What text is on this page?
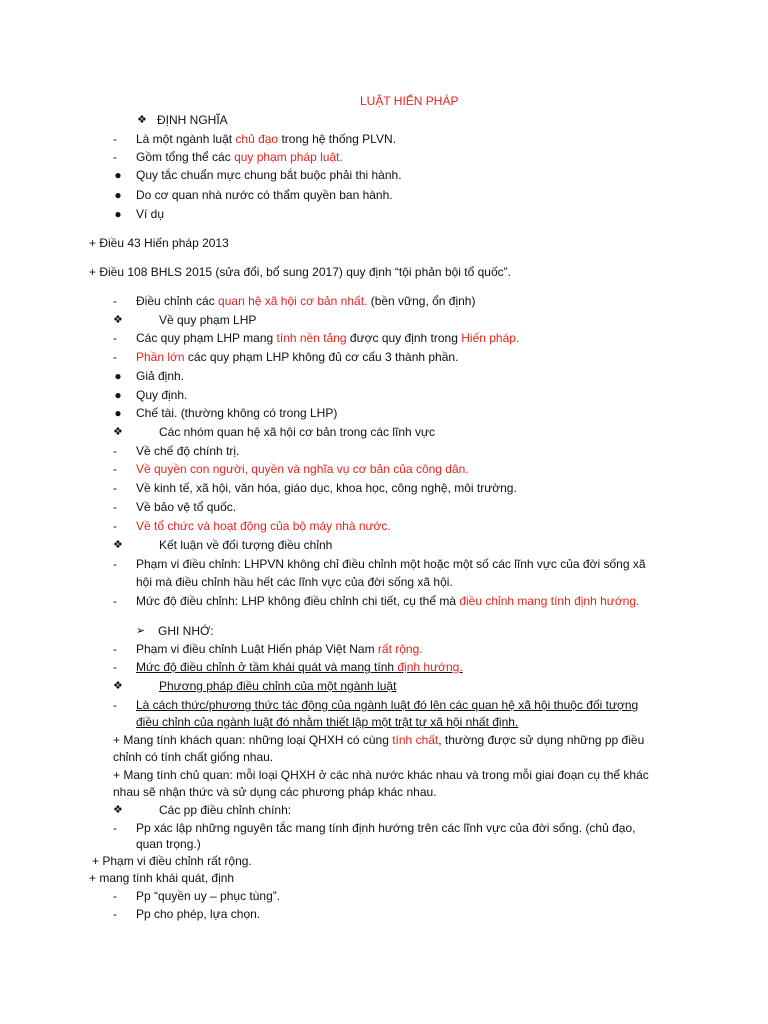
LUẬT HIẾN PHÁP
❖ ĐỊNH NGHĨA
- Là một ngành luật chủ đạo trong hệ thống PLVN.
- Gồm tổng thể các quy phạm pháp luật.
● Quy tắc chuẩn mực chung bắt buộc phải thi hành.
● Do cơ quan nhà nước có thẩm quyền ban hành.
● Ví dụ
+ Điều 43 Hiến pháp 2013
+ Điều 108 BHLS 2015 (sửa đổi, bổ sung 2017) quy định “tội phản bội tổ quốc”.
- Điều chỉnh các quan hệ xã hội cơ bản nhất. (bền vững, ổn định)
❖	Về quy phạm LHP
- Các quy phạm LHP mang tính nền tảng được quy định trong Hiến pháp.
- Phần lớn các quy phạm LHP không đủ cơ cấu 3 thành phần.
● Giả định.
● Quy định.
● Chế tài. (thường không có trong LHP)
❖	Các nhóm quan hệ xã hội cơ bản trong các lĩnh vực
- Về chế độ chính trị.
- Về quyền con người, quyền và nghĩa vụ cơ bản của công dân.
- Về kinh tế, xã hội, văn hóa, giáo dục, khoa học, công nghệ, môi trường.
- Về bảo vệ tổ quốc.
- Về tổ chức và hoạt động của bộ máy nhà nước.
❖	Kết luận về đối tượng điều chỉnh
- Phạm vi điều chỉnh: LHPVN không chỉ điều chỉnh một hoặc một số các lĩnh vực của đời sống xã
hội mà điều chỉnh hầu hết các lĩnh vực của đời sống xã hội.
- Mức độ điều chỉnh: LHP không điều chỉnh chi tiết, cụ thể mà điều chỉnh mang tính định hướng.
➢ GHI NHỚ:
- Phạm vi điều chỉnh Luật Hiến pháp Việt Nam rất rộng.
- Mức độ điều chỉnh ở tầm khái quát và mang tính định hướng.
❖	Phương pháp điều chỉnh của một ngành luật
- Là cách thức/phương thức tác động của ngành luật đó lên các quan hệ xã hội thuộc đối tượng
điều chỉnh của ngành luật đó nhằm thiết lập một trật tự xã hội nhất định.
+ Mang tính khách quan: những loại QHXH có cùng tính chất, thường được sử dụng những pp điều
chỉnh có tính chất giống nhau.
+ Mang tính chủ quan: mỗi loại QHXH ở các nhà nước khác nhau và trong mỗi giai đoạn cụ thể khác
nhau sẽ nhận thức và sử dụng các phương pháp khác nhau.
❖	Các pp điều chỉnh chính:
- Pp xác lập những nguyên tắc mang tính định hướng trên các lĩnh vực của đời sống. (chủ đạo,
quan trọng.)
+ Phạm vi điều chỉnh rất rộng.
+ mang tính khái quát, định
- Pp “quyền uy – phục tùng”.
- Pp cho phép, lựa chọn.
